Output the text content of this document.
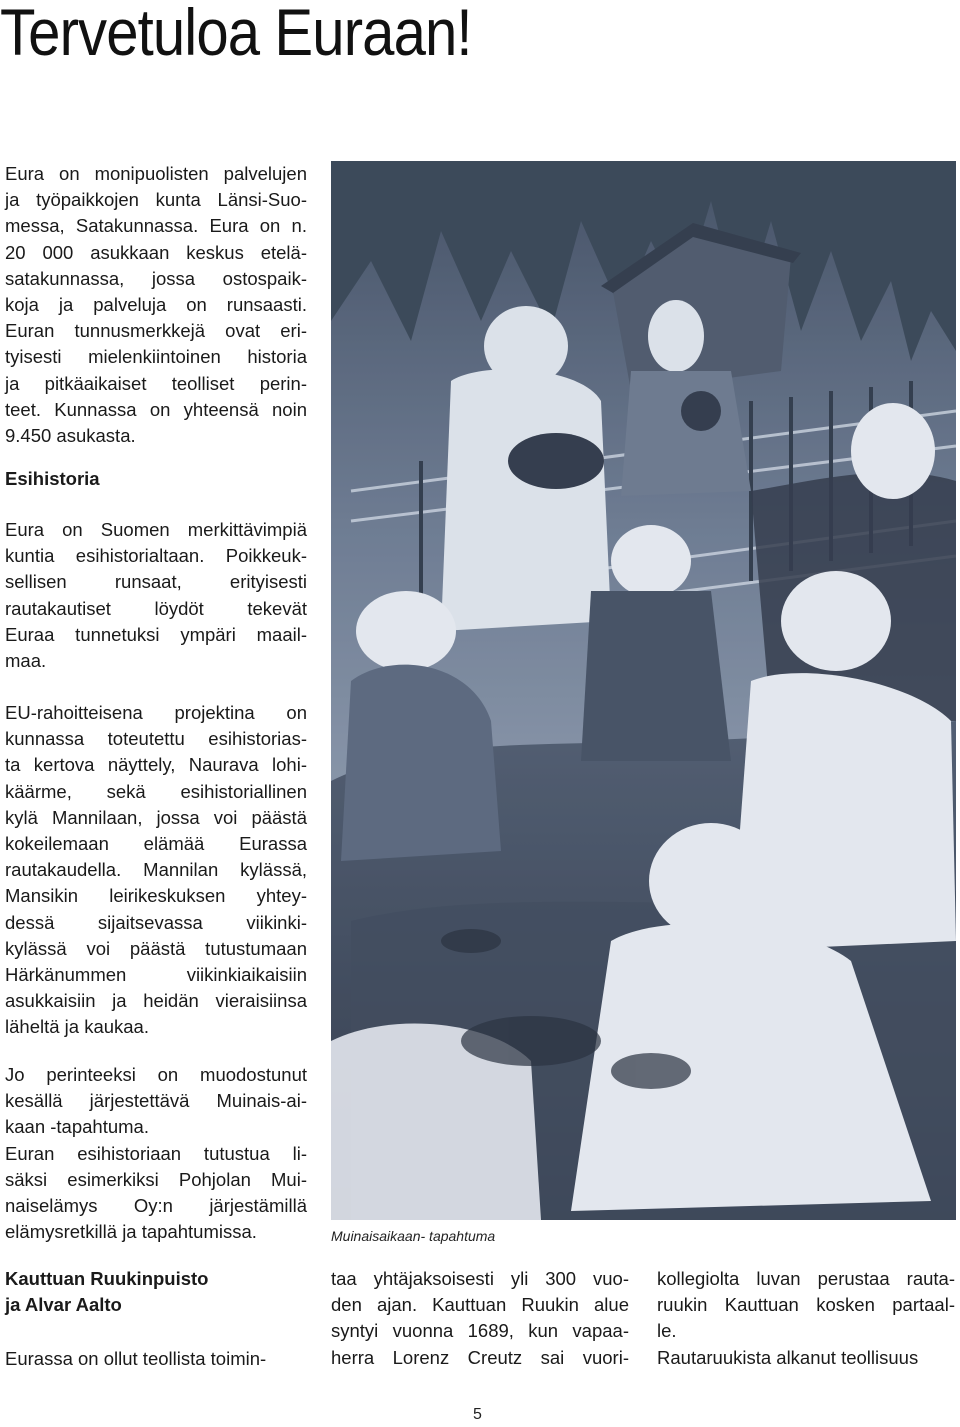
Tervetuloa Euraan!
Eura on monipuolisten palvelujen
ja työpaikkojen kunta Länsi-Suo-
messa, Satakunnassa. Eura on n.
20 000 asukkaan keskus etelä-
satakunnassa, jossa ostospaik-
koja ja palveluja on runsaasti.
Euran tunnusmerkkejä ovat eri-
tyisesti mielenkiintoinen historia
ja pitkäaikaiset teolliset perin-
teet. Kunnassa on yhteensä noin
9.450 asukasta.
Esihistoria
Eura on Suomen merkittävimpiä
kuntia esihistorialtaan. Poikkeuk-
sellisen runsaat, erityisesti
rautakautiset löydöt tekevät
Euraa tunnetuksi ympäri maail-
maa.
EU-rahoitteisena projektina on
kunnassa toteutettu esihistorias-
ta kertova näyttely, Naurava lohi-
käärme, sekä esihistoriallinen
kylä Mannilaan, jossa voi päästä
kokeilemaan elämää Eurassa
rautakaudella. Mannilan kylässä,
Mansikin leirikeskuksen yhtey-
dessä sijaitsevassa viikinki-
kylässä voi päästä tutustumaan
Härkänummen viikinkiaikaisiin
asukkaisiin ja heidän vieraisiinsa
läheltä ja kaukaa.
Jo perinteeksi on muodostunut
kesällä järjestettävä Muinais-ai-
kaan -tapahtuma.
Euran esihistoriaan tutustua li-
säksi esimerkiksi Pohjolan Mui-
naiselämys Oy:n järjestämillä
elämysretkillä ja tapahtumissa.
Kauttuan Ruukinpuisto
ja Alvar Aalto
Eurassa on ollut teollista toimin-
taa yhtäjaksoisesti yli 300 vuo-
den ajan. Kauttuan Ruukin alue
syntyi vuonna 1689, kun vapaa-
herra Lorenz Creutz sai vuori-
kollegiolta luvan perustaa rauta-
ruukin Kauttuan kosken partaal-
le.
Rautaruukista alkanut teollisuus
Muinaisaikaan- tapahtuma
5
